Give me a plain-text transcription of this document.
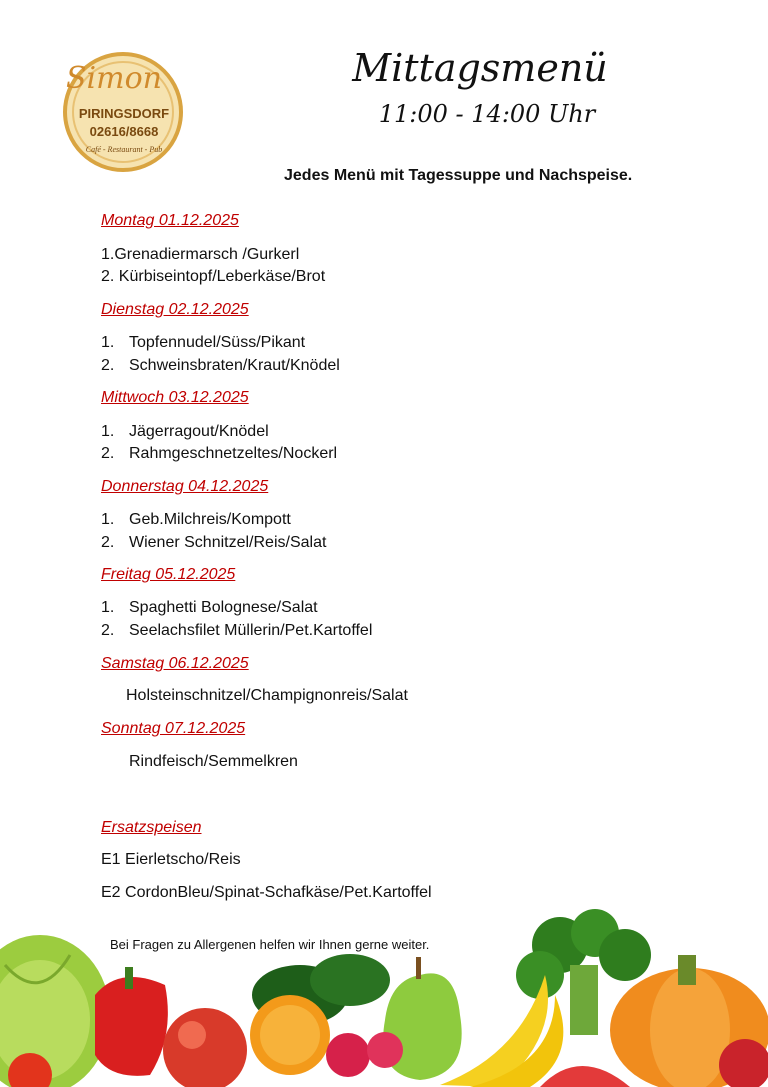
Simon
PIRINGSDORF
02616/8668
Café - Restaurant - Pub
Mittagsmenü
11:00 - 14:00 Uhr
Jedes Menü mit Tagessuppe und Nachspeise.
Montag 01.12.2025
1.Grenadiermarsch /Gurkerl
2. Kürbiseintopf/Leberkäse/Brot
Dienstag 02.12.2025
1. Topfennudel/Süss/Pikant
2. Schweinsbraten/Kraut/Knödel
Mittwoch 03.12.2025
1. Jägerragout/Knödel
2. Rahmgeschnetzeltes/Nockerl
Donnerstag 04.12.2025
1. Geb.Milchreis/Kompott
2. Wiener Schnitzel/Reis/Salat
Freitag 05.12.2025
1. Spaghetti Bolognese/Salat
2. Seelachsfilet Müllerin/Pet.Kartoffel
Samstag 06.12.2025
Holsteinschnitzel/Champignonreis/Salat
Sonntag 07.12.2025
Rindfeisch/Semmelkren
Ersatzspeisen
E1 Eierletscho/Reis
E2 CordonBleu/Spinat-Schafkäse/Pet.Kartoffel
Bei Fragen zu Allergenen helfen wir Ihnen gerne weiter.
